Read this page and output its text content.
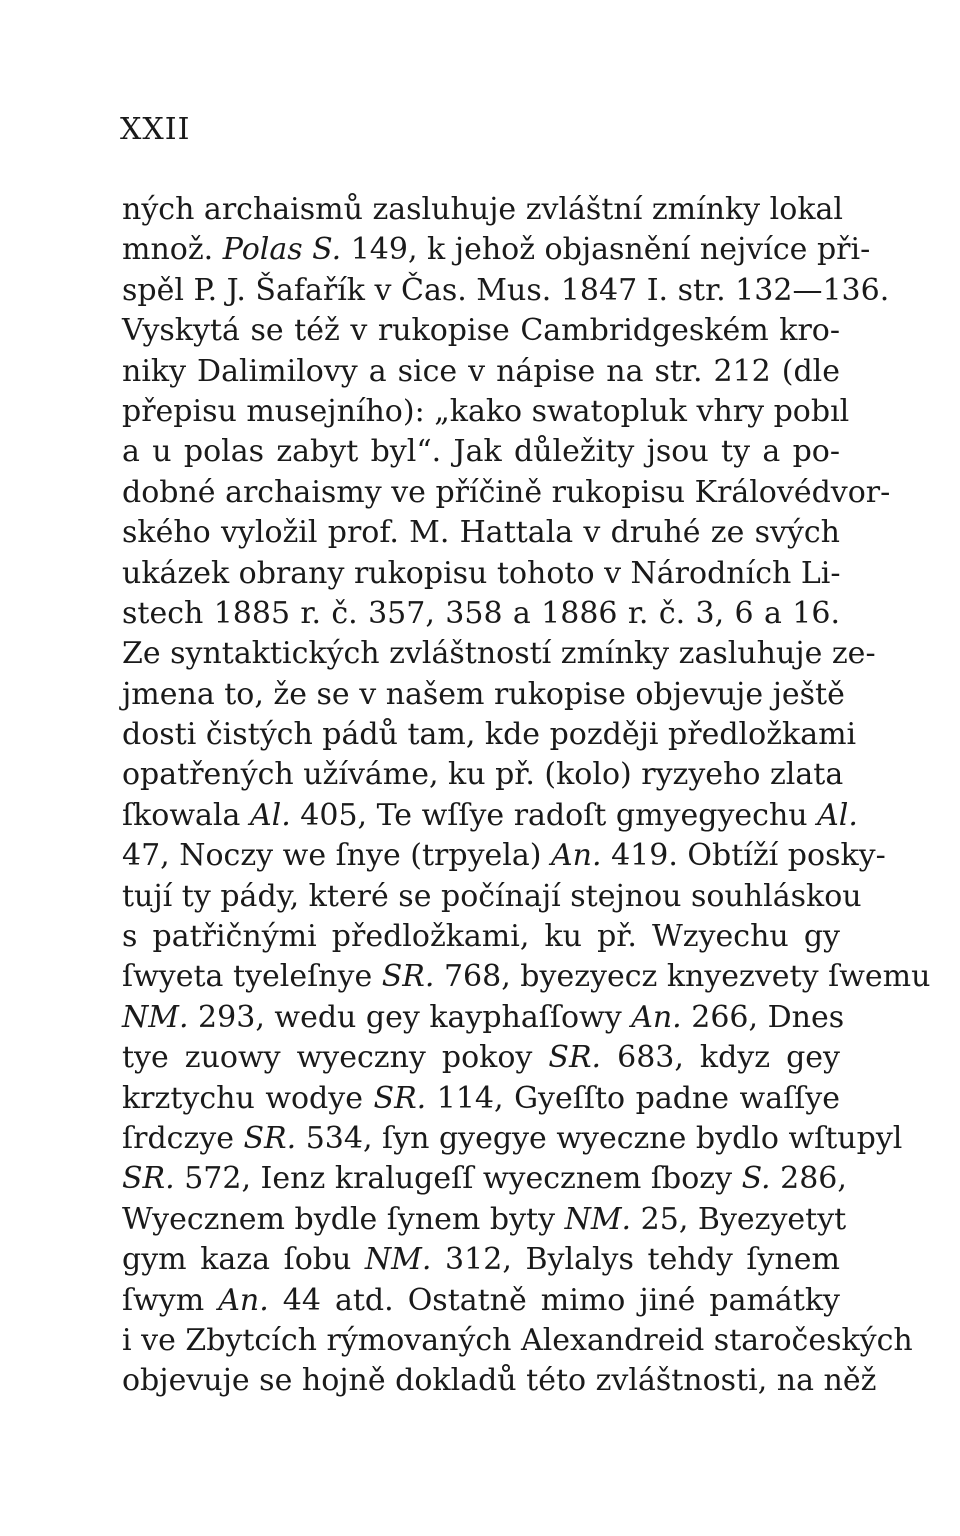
XXII
ných archaismů zasluhuje zvláštní zmínky lokal
množ. Polas S. 149, k jehož objasnění nejvíce při-
spěl P. J. Šafařík v Čas. Mus. 1847 I. str. 132—136.
Vyskytá se též v rukopise Cambridgeském kro-
niky Dalimilovy a sice v nápise na str. 212 (dle
přepisu musejního): „kako swatopluk vhry pobıl
a u polas zabyt byl“. Jak důležity jsou ty a po-
dobné archaismy ve příčině rukopisu Královédvor-
ského vyložil prof. M. Hattala v druhé ze svých
ukázek obrany rukopisu tohoto v Národních Li-
stech 1885 r. č. 357, 358 a 1886 r. č. 3, 6 a 16.
Ze syntaktických zvláštností zmínky zasluhuje ze-
jmena to, že se v našem rukopise objevuje ještě
dosti čistých pádů tam, kde později předložkami
opatřených užíváme, ku př. (kolo) ryzyeho zlata
ſkowala Al. 405, Te wſſye radoſt gmyegyechu Al.
47, Noczy we ſnye (trpyela) An. 419. Obtíží posky-
tují ty pády, které se počínají stejnou souhláskou
s patřičnými předložkami, ku př. Wzyechu gy
ſwyeta tyeleſnye SR. 768, byezyecz knyezvety ſwemu
NM. 293, wedu gey kayphaſſowy An. 266, Dnes
tye zuowy wyeczny pokoy SR. 683, kdyz gey
krztychu wodye SR. 114, Gyeſſto padne waſſye
ſrdczye SR. 534, ſyn gyegye wyeczne bydlo wſtupyl
SR. 572, Ienz kralugeſſ wyecznem ſbozy S. 286,
Wyecznem bydle ſynem byty NM. 25, Byezyetyt
gym kaza ſobu NM. 312, Bylalys tehdy ſynem
ſwym An. 44 atd. Ostatně mimo jiné památky
i ve Zbytcích rýmovaných Alexandreid staročeských
objevuje se hojně dokladů této zvláštnosti, na něž
